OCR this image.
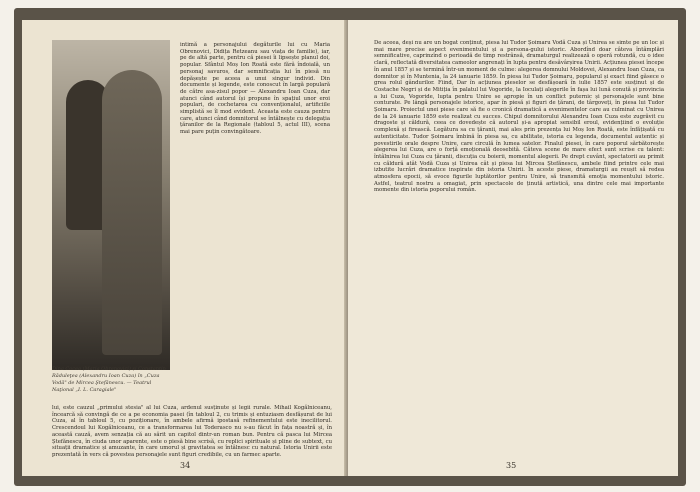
Dina Cocea (Maria Obrenovici) și Constantin Răduleţea (Alexandru Ioan Cuza) în „Cuza Vodă" de Mircea Ştefănescu. — Teatrul Naţional „I. L. Caragiale"
intimă a personajului degăturile lui cu Maria Obrenovici, Didița Retzeanu sau viața de familie), iar, pe de altă parte, pentru că piesei îi lipsește planul doi, popular. Sfântul Moș Ion Roată este fără îndoială, un personaj savuros, dar semnificația lui în piesă nu depășește pe aceea a unui singur individ. Din documente și legende, este conoscut în largă populară de către asa-zisul popor — Alexandru Ioan Cuza, dar atunci când autorul își propune în spațiul unor eroi populari, de cochetarea cu convenționalul, artificiile simplistă se îl mod evident. Aceasta este cauza pentru care, atunci când domnitorul se întâlnește cu delegația țăranilor de la Regionale (tabloul 5, actul III), scena mai pare puțin convingătoare.
lui, este cauzul „primului stesia" al lui Cuza, ardenul susținute și legii rurale. Mihail Kogălniceanu, încearcă să convingă de ce a pe economia pasei (în tabloul 2, cu trimis și entuziasm desfășurat de lui Cuza, al în tabloul 5, cu poziționare, în ambele afirmă ipostasă refinementului este inecilitorul. Crescendoul lui Kogălniceanu, ce a transformarea lui Toderasco nu s-au făcut în fața noastră și, în această cauză, avem senzația că au sărit un capitol dintr-un roman bun. Pentru că pasca lui Mircea Ștefănescu, în ciuda unor aparente, este o piesă bine scrisă, cu replici spirituale și pline de subtext, cu situații dramatice și amuzante, în care umorul și gravitatea se întâlnesc cu natural. Istoria Unirii este prezentată în vers că povestea personajele sunt figuri credibile, cu un farmec aparte.
34
De aceea, deși nu are un bogat conținut, piesa lui Tudor Șoimaru Vodă Cuza și Unirea se simte pe un loc și mai mare precise aspect evenimentului și a persona-gului istoric. Abordînd doar câteva întâmplări semnificative, caprinzînd o perioadă de timp restrânsă, dramaturgul realizează o operă rotundă, cu o idee clară, reflectată diversitatea cameolor angrenați în lupta pentru desăvârșirea Unirii. Acțiunea piesei începe în anul 1857 și se termină într-un moment de culme: alegerea domnului Moldovei, Alexandru Ioan Cuza, ca domnitor și în Muntenia, la 24 ianuarie 1859. În piesa lui Tudor Șoimaru, popularul și exact fiind găsece o grea rolul gândurilor. Fiind, Dar în acțiunea pieselor se desfășoară în iulie 1857 este susținut și de Costache Negri și de Mitiția în palatul lui Vogoride, la Ioculați alegerile în fașa lui lună conută și provincia a lui Cuza, Vogoride, lupta pentru Unire se apropie în un conflict puternic și personajele sunt bine conturate. Pe lângă personajele istorice, apar în piesă și figuri de țărani, de târgoveți, în piesa lui Tudor Șoimaru. Proiectul unei piese care să fie o cronică dramatică a evenimentelor care au culminat cu Unirea de la 24 ianuarie 1859 este realizat cu succes. Chipul domnitorului Alexandru Ioan Cuza este zugrăvit cu dragoste și căldură, ceea ce dovedește că autorul și-a apropiat sensibil eroul, evidențiind o evoluție complexă și firească. Legătura sa cu țăranii, mai ales prin prezența lui Moș Ion Roată, este înfățișată cu autenticitate. Tudor Șoimaru îmbină în piesa sa, cu abilitate, istoria cu legenda, documentul autentic și povestirile orale despre Unire, care circulă în lumea satelor. Finalul piesei, în care poporul sărbătorește alegerea lui Cuza, are o forță emoțională deosebită. Câteva scene de mare efect sunt scrise cu talent: întâlnirea lui Cuza cu țăranii, discuția cu boierii, momentul alegerii. Pe drept cuvânt, spectatorii au primit cu căldură atât Vodă Cuza și Unirea cât și piesa lui Mircea Ștefănescu, ambele fiind printre cele mai izbutite lucrări dramatice inspirate din istoria Unirii. În aceste piese, dramaturgii au reușit să redea atmosfera epocii, să evoce figurile luptătorilor pentru Unire, să transmită emoția momentului istoric. Astfel, teatrul nostru a omagiat, prin spectacole de ținută artistică, una dintre cele mai importante momente din istoria poporului român.
35
